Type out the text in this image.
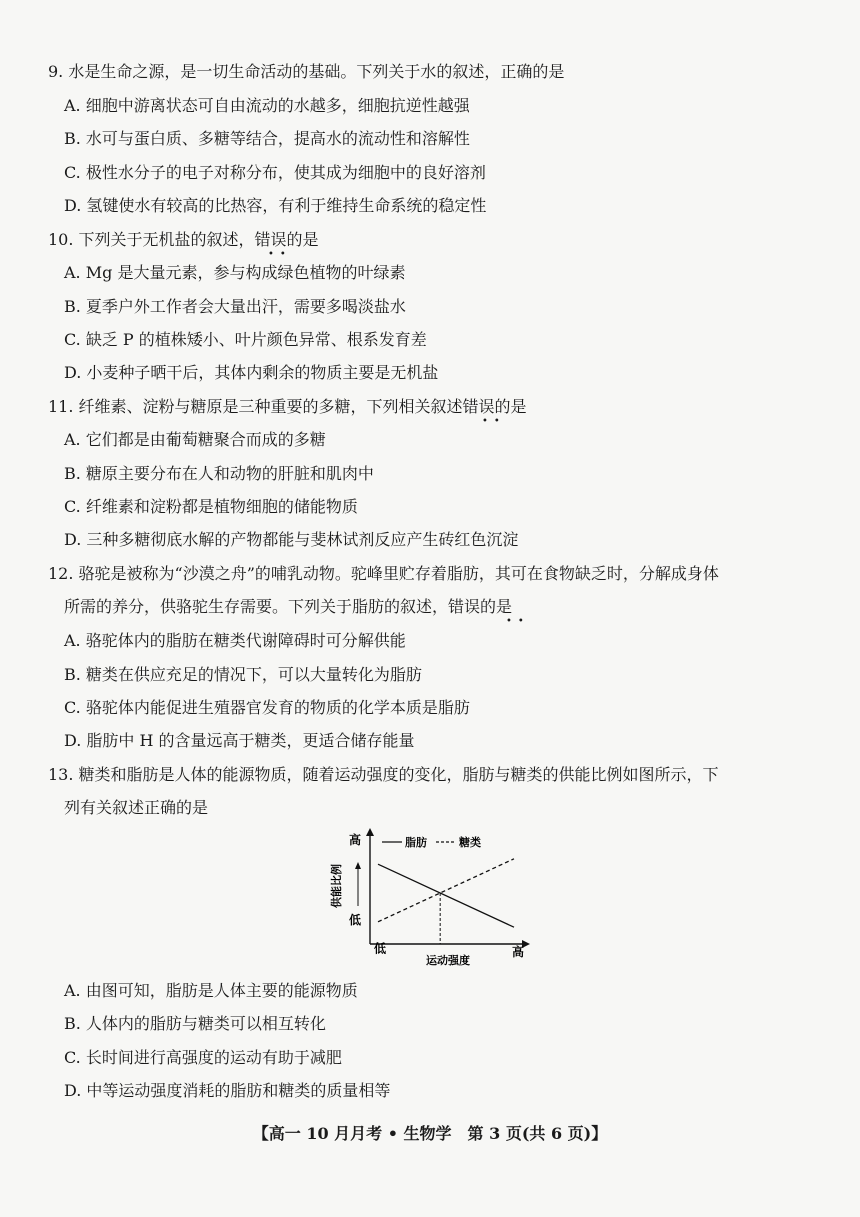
9. 水是生命之源，是一切生命活动的基础。下列关于水的叙述，正确的是
A. 细胞中游离状态可自由流动的水越多，细胞抗逆性越强
B. 水可与蛋白质、多糖等结合，提高水的流动性和溶解性
C. 极性水分子的电子对称分布，使其成为细胞中的良好溶剂
D. 氢键使水有较高的比热容，有利于维持生命系统的稳定性
10. 下列关于无机盐的叙述，错误的是
••
A. Mg 是大量元素，参与构成绿色植物的叶绿素
B. 夏季户外工作者会大量出汗，需要多喝淡盐水
C. 缺乏 P 的植株矮小、叶片颜色异常、根系发育差
D. 小麦种子晒干后，其体内剩余的物质主要是无机盐
11. 纤维素、淀粉与糖原是三种重要的多糖，下列相关叙述错误的是
••
A. 它们都是由葡萄糖聚合而成的多糖
B. 糖原主要分布在人和动物的肝脏和肌肉中
C. 纤维素和淀粉都是植物细胞的储能物质
D. 三种多糖彻底水解的产物都能与斐林试剂反应产生砖红色沉淀
12. 骆驼是被称为“沙漠之舟”的哺乳动物。驼峰里贮存着脂肪，其可在食物缺乏时，分解成身体
所需的养分，供骆驼生存需要。下列关于脂肪的叙述，错误的是
••
A. 骆驼体内的脂肪在糖类代谢障碍时可分解供能
B. 糖类在供应充足的情况下，可以大量转化为脂肪
C. 骆驼体内能促进生殖器官发育的物质的化学本质是脂肪
D. 脂肪中 H 的含量远高于糖类，更适合储存能量
13. 糖类和脂肪是人体的能源物质，随着运动强度的变化，脂肪与糖类的供能比例如图所示，下
列有关叙述正确的是
高
低
供能比例
低	高
运动强度
脂肪	糖类
A. 由图可知，脂肪是人体主要的能源物质
B. 人体内的脂肪与糖类可以相互转化
C. 长时间进行高强度的运动有助于减肥
D. 中等运动强度消耗的脂肪和糖类的质量相等
【高一 10 月月考 • 生物学　第 3 页(共 6 页)】
